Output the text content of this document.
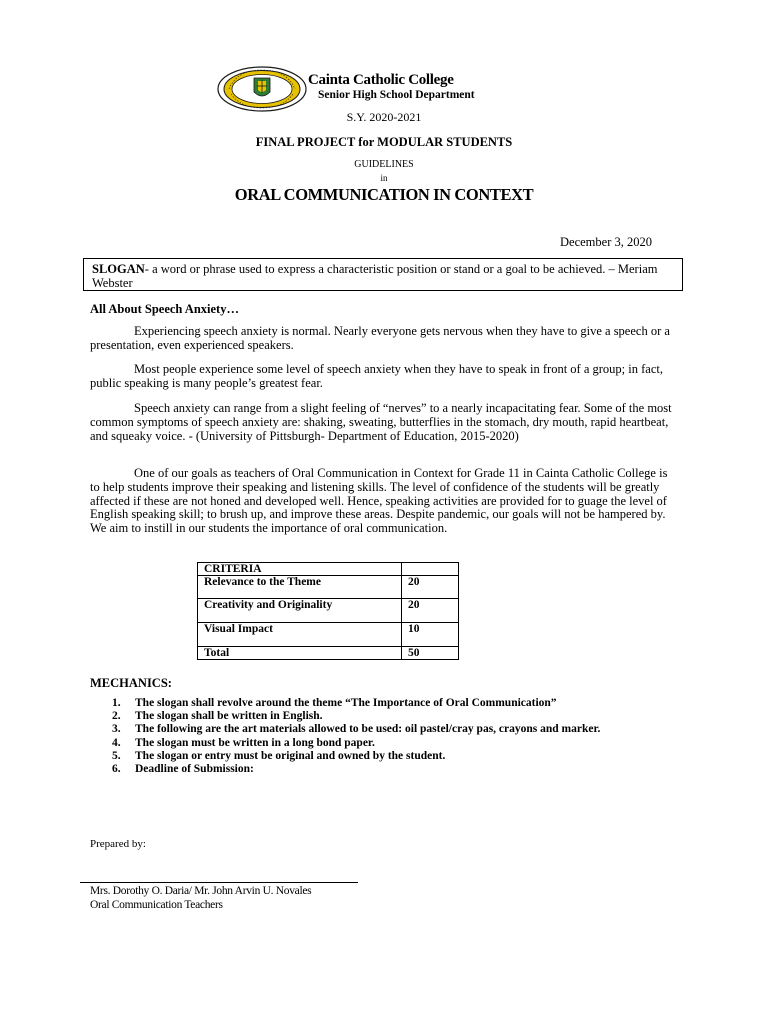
Cainta Catholic College
Senior High School Department
S.Y. 2020-2021
FINAL PROJECT for MODULAR STUDENTS
GUIDELINES
in
ORAL COMMUNICATION IN CONTEXT
December 3, 2020
SLOGAN- a word or phrase used to express a characteristic position or stand or a goal to be achieved. – Meriam Webster
All About Speech Anxiety…
Experiencing speech anxiety is normal. Nearly everyone gets nervous when they have to give a speech or a presentation, even experienced speakers.
Most people experience some level of speech anxiety when they have to speak in front of a group; in fact, public speaking is many people’s greatest fear.
Speech anxiety can range from a slight feeling of “nerves” to a nearly incapacitating fear. Some of the most common symptoms of speech anxiety are: shaking, sweating, butterflies in the stomach, dry mouth, rapid heartbeat, and squeaky voice. - (University of Pittsburgh- Department of Education, 2015-2020)
One of our goals as teachers of Oral Communication in Context for Grade 11 in Cainta Catholic College is to help students improve their speaking and listening skills. The level of confidence of the students will be greatly affected if these are not honed and developed well. Hence, speaking activities are provided for to guage the level of English speaking skill; to brush up, and improve these areas. Despite pandemic, our goals will not be hampered by. We aim to instill in our students the importance of oral communication.
CRITERIA	
Relevance to the Theme	20
Creativity and Originality	20
Visual Impact	10
Total	50
MECHANICS:
1. The slogan shall revolve around the theme “The Importance of Oral Communication”
2. The slogan shall be written in English.
3. The following are the art materials allowed to be used: oil pastel/cray pas, crayons and marker.
4. The slogan must be written in a long bond paper.
5. The slogan or entry must be original and owned by the student.
6. Deadline of Submission:
Prepared by:
Mrs. Dorothy O. Daria/ Mr. John Arvin U. Novales
Oral Communication Teachers
